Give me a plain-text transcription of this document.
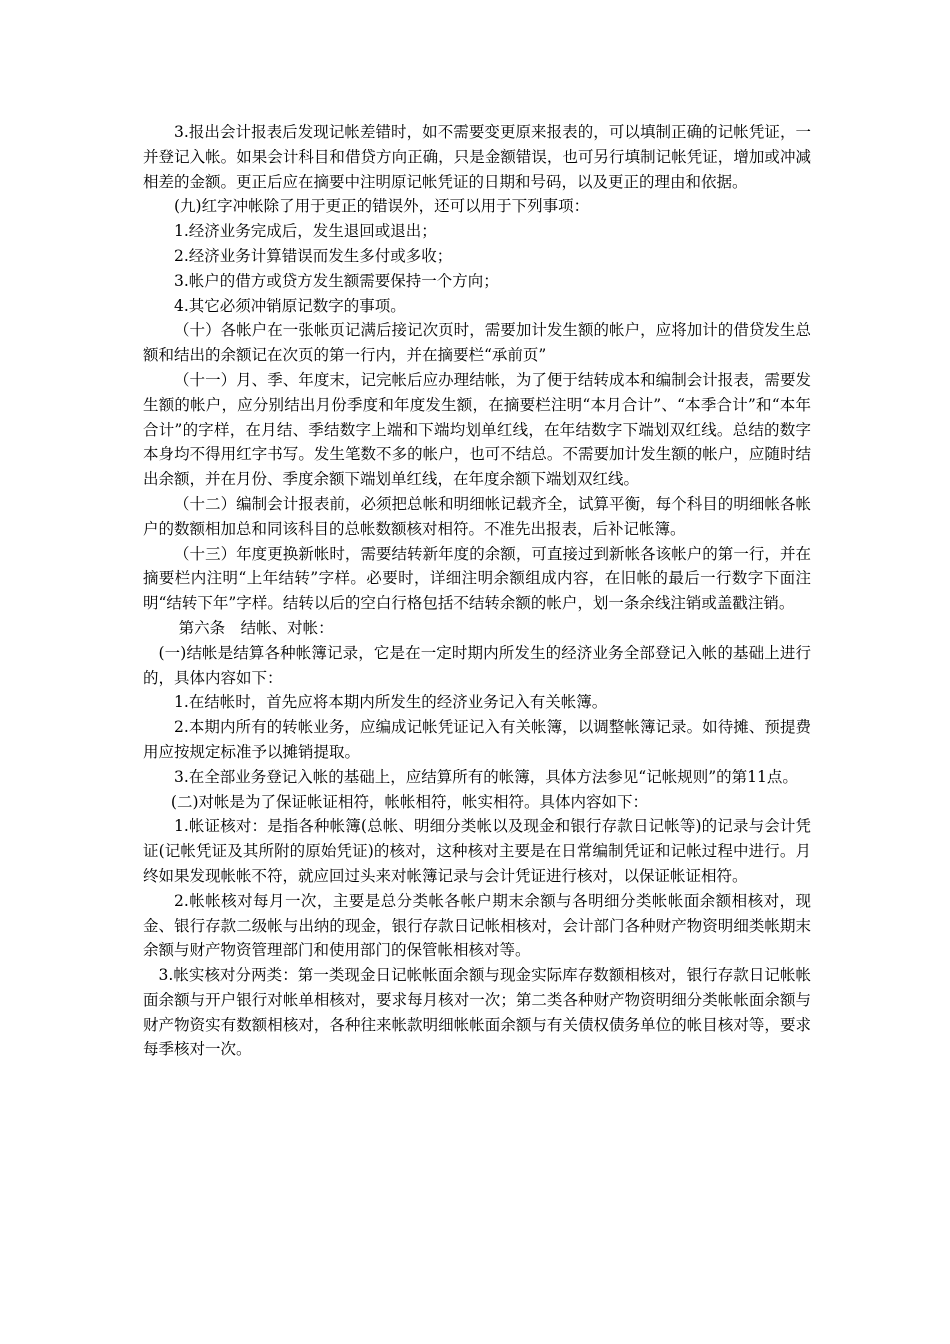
3.报出会计报表后发现记帐差错时，如不需要变更原来报表的，可以填制正确的记帐凭证，一并登记入帐。如果会计科目和借贷方向正确，只是金额错误，也可另行填制记帐凭证，增加或冲减相差的金额。更正后应在摘要中注明原记帐凭证的日期和号码，以及更正的理由和依据。

(九)红字冲帐除了用于更正的错误外，还可以用于下列事项：

1.经济业务完成后，发生退回或退出；

2.经济业务计算错误而发生多付或多收；

3.帐户的借方或贷方发生额需要保持一个方向；

4.其它必须冲销原记数字的事项。

（十）各帐户在一张帐页记满后接记次页时，需要加计发生额的帐户，应将加计的借贷发生总额和结出的余额记在次页的第一行内，并在摘要栏“承前页”

（十一）月、季、年度末，记完帐后应办理结帐，为了便于结转成本和编制会计报表，需要发生额的帐户，应分别结出月份季度和年度发生额，在摘要栏注明“本月合计”、“本季合计”和“本年合计”的字样，在月结、季结数字上端和下端均划单红线，在年结数字下端划双红线。总结的数字本身均不得用红字书写。发生笔数不多的帐户，也可不结总。不需要加计发生额的帐户，应随时结出余额，并在月份、季度余额下端划单红线，在年度余额下端划双红线。

（十二）编制会计报表前，必须把总帐和明细帐记载齐全，试算平衡，每个科目的明细帐各帐户的数额相加总和同该科目的总帐数额核对相符。不准先出报表，后补记帐簿。

（十三）年度更换新帐时，需要结转新年度的余额，可直接过到新帐各该帐户的第一行，并在摘要栏内注明“上年结转”字样。必要时，详细注明余额组成内容，在旧帐的最后一行数字下面注明“结转下年”字样。结转以后的空白行格包括不结转余额的帐户，划一条余线注销或盖戳注销。

第六条　结帐、对帐：

(一)结帐是结算各种帐簿记录，它是在一定时期内所发生的经济业务全部登记入帐的基础上进行的，具体内容如下：

1.在结帐时，首先应将本期内所发生的经济业务记入有关帐簿。

2.本期内所有的转帐业务，应编成记帐凭证记入有关帐簿，以调整帐簿记录。如待摊、预提费用应按规定标准予以摊销提取。

3.在全部业务登记入帐的基础上，应结算所有的帐簿，具体方法参见“记帐规则”的第11点。

(二)对帐是为了保证帐证相符，帐帐相符，帐实相符。具体内容如下：

1.帐证核对：是指各种帐簿(总帐、明细分类帐以及现金和银行存款日记帐等)的记录与会计凭证(记帐凭证及其所附的原始凭证)的核对，这种核对主要是在日常编制凭证和记帐过程中进行。月终如果发现帐帐不符，就应回过头来对帐簿记录与会计凭证进行核对，以保证帐证相符。

2.帐帐核对每月一次，主要是总分类帐各帐户期末余额与各明细分类帐帐面余额相核对，现金、银行存款二级帐与出纳的现金，银行存款日记帐相核对，会计部门各种财产物资明细类帐期末余额与财产物资管理部门和使用部门的保管帐相核对等。

3.帐实核对分两类：第一类现金日记帐帐面余额与现金实际库存数额相核对，银行存款日记帐帐面余额与开户银行对帐单相核对，要求每月核对一次；第二类各种财产物资明细分类帐帐面余额与财产物资实有数额相核对，各种往来帐款明细帐帐面余额与有关债权债务单位的帐目核对等，要求每季核对一次。
